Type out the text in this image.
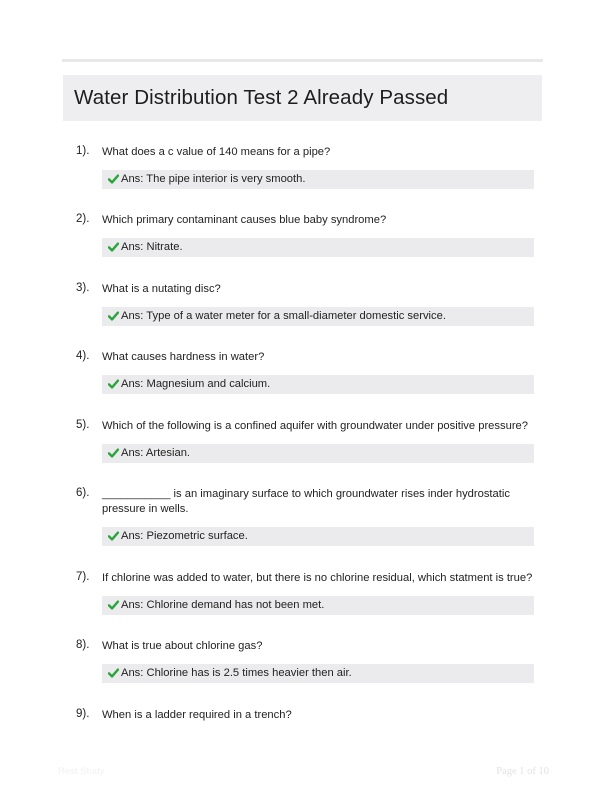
Water Distribution Test 2 Already Passed
1). What does a c value of 140 means for a pipe?
Ans: The pipe interior is very smooth.
2). Which primary contaminant causes blue baby syndrome?
Ans: Nitrate.
3). What is a nutating disc?
Ans: Type of a water meter for a small-diameter domestic service.
4). What causes hardness in water?
Ans: Magnesium and calcium.
5). Which of the following is a confined aquifer with groundwater under positive pressure?
Ans: Artesian.
6). ___________ is an imaginary surface to which groundwater rises inder hydrostatic pressure in wells.
Ans: Piezometric surface.
7). If chlorine was added to water, but there is no chlorine residual, which statment is true?
Ans: Chlorine demand has not been met.
8). What is true about chlorine gas?
Ans: Chlorine has is 2.5 times heavier then air.
9). When is a ladder required in a trench?
Rest Study	Page 1 of 10
